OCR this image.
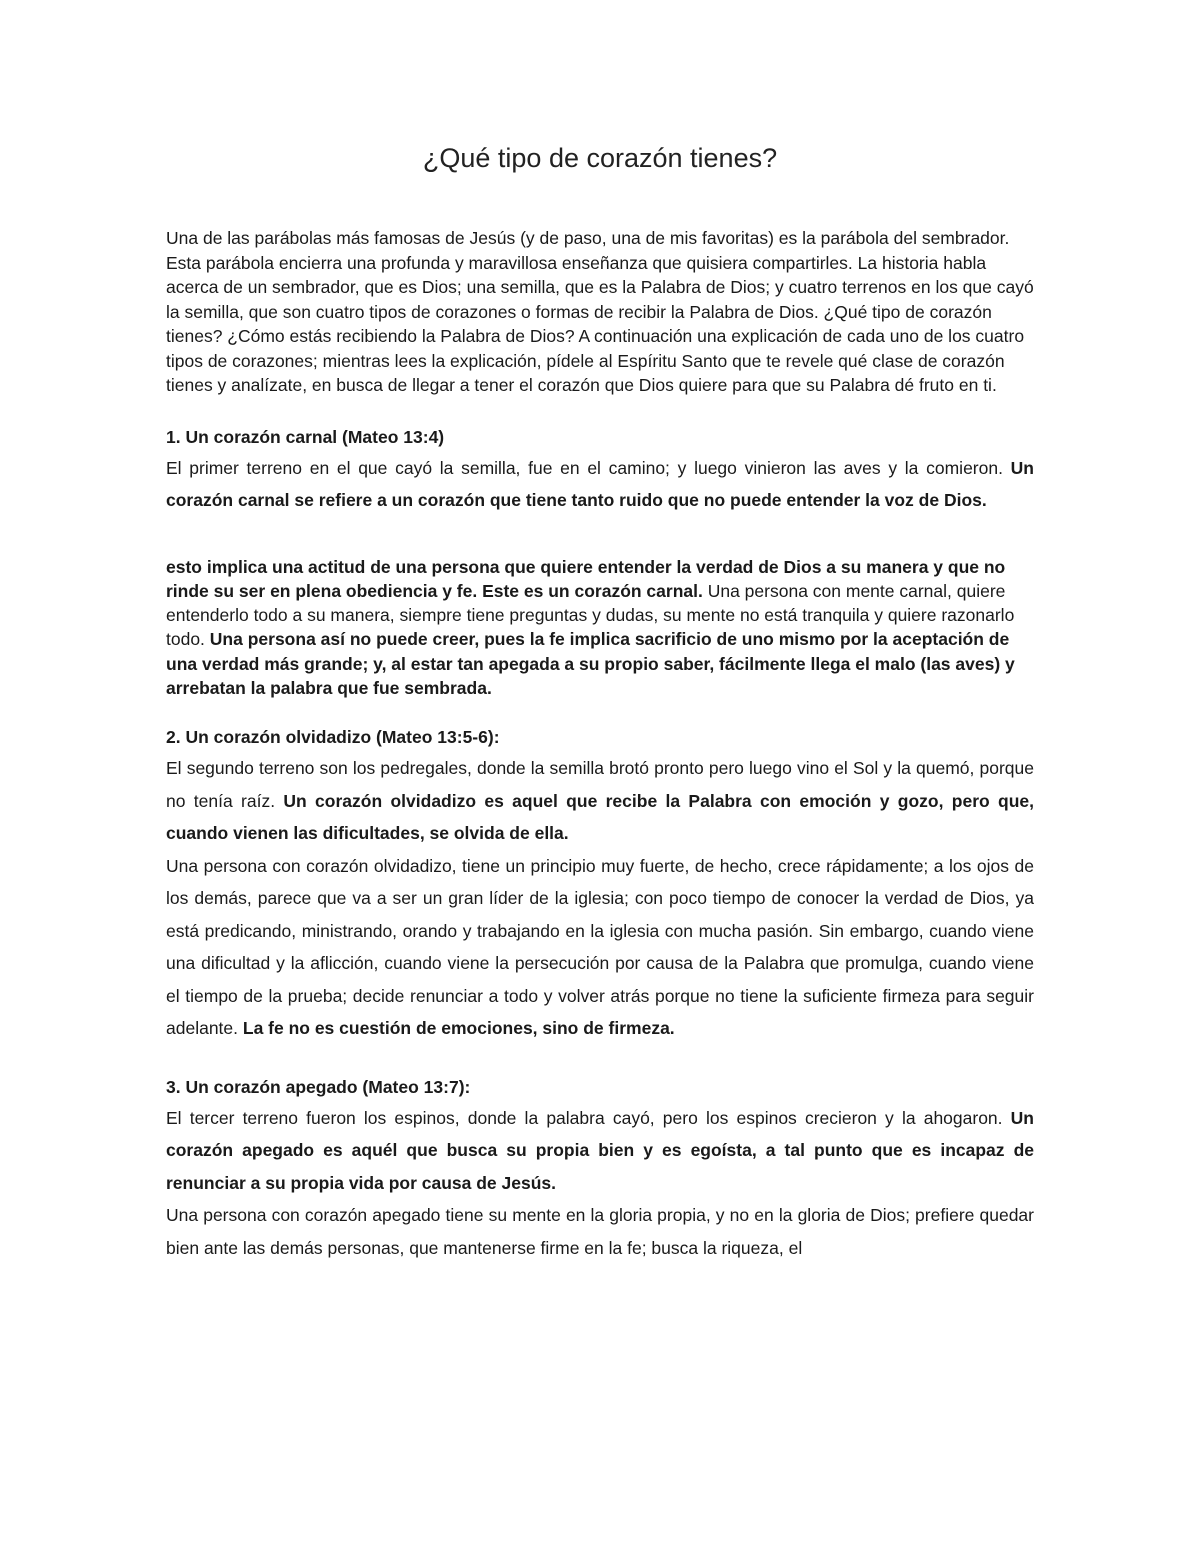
¿Qué tipo de corazón tienes?

Una de las parábolas más famosas de Jesús (y de paso, una de mis favoritas) es la parábola del sembrador. Esta parábola encierra una profunda y maravillosa enseñanza que quisiera compartirles. La historia habla acerca de un sembrador, que es Dios; una semilla, que es la Palabra de Dios; y cuatro terrenos en los que cayó la semilla, que son cuatro tipos de corazones o formas de recibir la Palabra de Dios. ¿Qué tipo de corazón tienes? ¿Cómo estás recibiendo la Palabra de Dios? A continuación una explicación de cada uno de los cuatro tipos de corazones; mientras lees la explicación, pídele al Espíritu Santo que te revele qué clase de corazón tienes y analízate, en busca de llegar a tener el corazón que Dios quiere para que su Palabra dé fruto en ti.

1. Un corazón carnal (Mateo 13:4)

El primer terreno en el que cayó la semilla, fue en el camino; y luego vinieron las aves y la comieron. Un corazón carnal se refiere a un corazón que tiene tanto ruido que no puede entender la voz de Dios.

esto implica una actitud de una persona que quiere entender la verdad de Dios a su manera y que no rinde su ser en plena obediencia y fe. Este es un corazón carnal. Una persona con mente carnal, quiere entenderlo todo a su manera, siempre tiene preguntas y dudas, su mente no está tranquila y quiere razonarlo todo. Una persona así no puede creer, pues la fe implica sacrificio de uno mismo por la aceptación de una verdad más grande; y, al estar tan apegada a su propio saber, fácilmente llega el malo (las aves) y arrebatan la palabra que fue sembrada.

2. Un corazón olvidadizo (Mateo 13:5-6):

El segundo terreno son los pedregales, donde la semilla brotó pronto pero luego vino el Sol y la quemó, porque no tenía raíz. Un corazón olvidadizo es aquel que recibe la Palabra con emoción y gozo, pero que, cuando vienen las dificultades, se olvida de ella.

Una persona con corazón olvidadizo, tiene un principio muy fuerte, de hecho, crece rápidamente; a los ojos de los demás, parece que va a ser un gran líder de la iglesia; con poco tiempo de conocer la verdad de Dios, ya está predicando, ministrando, orando y trabajando en la iglesia con mucha pasión. Sin embargo, cuando viene una dificultad y la aflicción, cuando viene la persecución por causa de la Palabra que promulga, cuando viene el tiempo de la prueba; decide renunciar a todo y volver atrás porque no tiene la suficiente firmeza para seguir adelante. La fe no es cuestión de emociones, sino de firmeza.

3. Un corazón apegado (Mateo 13:7):

El tercer terreno fueron los espinos, donde la palabra cayó, pero los espinos crecieron y la ahogaron. Un corazón apegado es aquél que busca su propia bien y es egoísta, a tal punto que es incapaz de renunciar a su propia vida por causa de Jesús.

Una persona con corazón apegado tiene su mente en la gloria propia, y no en la gloria de Dios; prefiere quedar bien ante las demás personas, que mantenerse firme en la fe; busca la riqueza, el
